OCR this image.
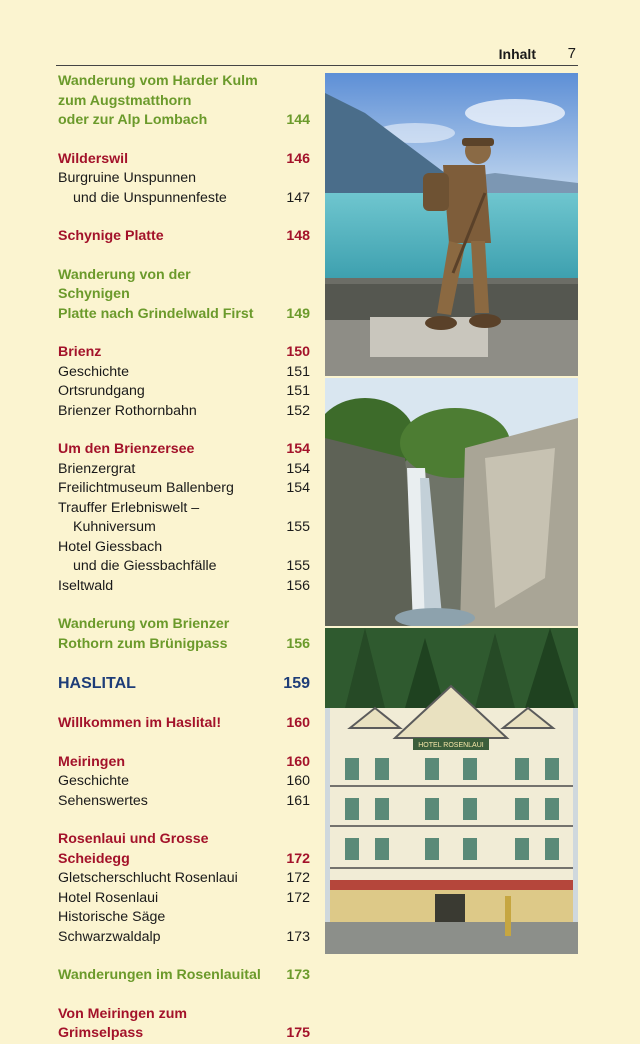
Inhalt 7
Wanderung vom Harder Kulm
zum Augstmatthorn
oder zur Alp Lombach	144
Wilderswil	146
Burgruine Unspunnen
und die Unspunnenfeste	147
Schynige Platte	148
Wanderung von der Schynigen
Platte nach Grindelwald First	149
Brienz	150
Geschichte	151
Ortsrundgang	151
Brienzer Rothornbahn	152
Um den Brienzersee	154
Brienzergrat	154
Freilichtmuseum Ballenberg	154
Trauffer Erlebniswelt –
Kuhniversum	155
Hotel Giessbach
und die Giessbachfälle	155
Iseltwald	156
Wanderung vom Brienzer
Rothorn zum Brünigpass	156
HASLITAL	159
Willkommen im Haslital!	160
Meiringen	160
Geschichte	160
Sehenswertes	161
Rosenlaui und Grosse Scheidegg	172
Gletscherschlucht Rosenlaui	172
Hotel Rosenlaui	172
Historische Säge Schwarzwaldalp	173
Wanderungen im Rosenlauital	173
Von Meiringen zum Grimselpass	175
HOTEL ROSENLAUI
